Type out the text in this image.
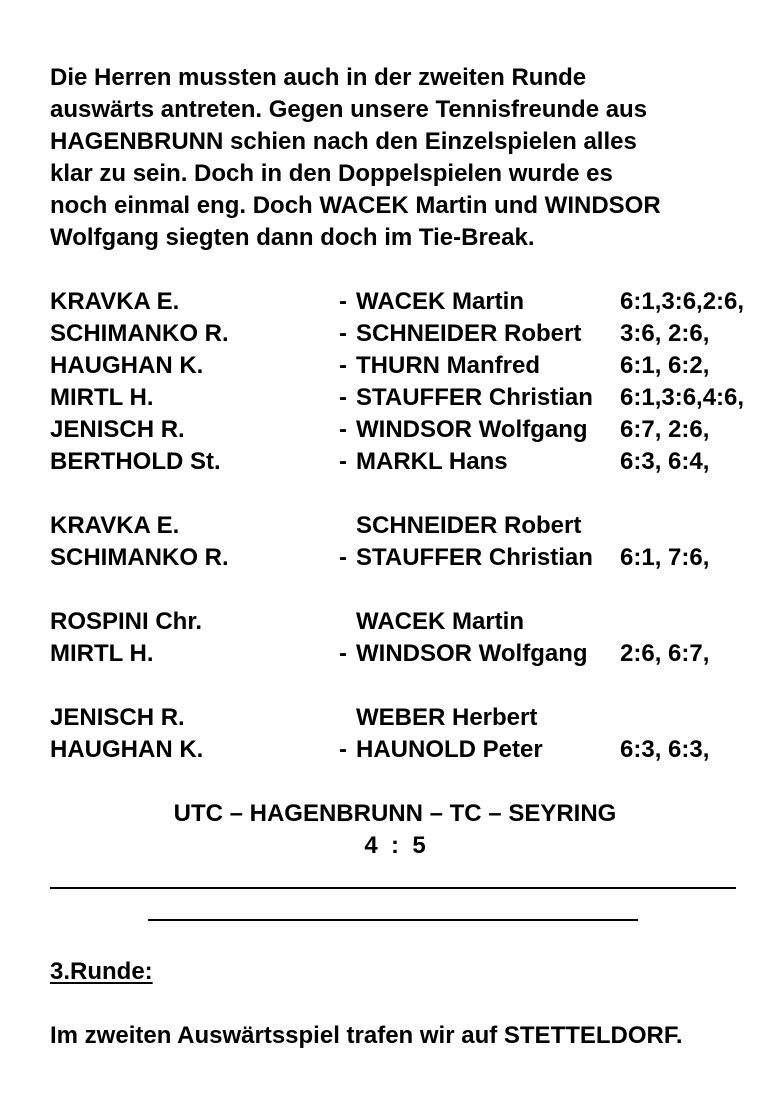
Die Herren mussten auch in der zweiten Runde
auswärts antreten. Gegen unsere Tennisfreunde aus
HAGENBRUNN schien nach den Einzelspielen alles
klar zu sein. Doch in den Doppelspielen wurde es
noch einmal eng. Doch WACEK Martin und WINDSOR
Wolfgang siegten dann doch im Tie-Break.
KRAVKA E.	- WACEK Martin	6:1,3:6,2:6,
SCHIMANKO R.	- SCHNEIDER Robert 3:6, 2:6,
HAUGHAN K.	- THURN Manfred	6:1, 6:2,
MIRTL H.	- STAUFFER Christian 6:1,3:6,4:6,
JENISCH R.	- WINDSOR Wolfgang 6:7, 2:6,
BERTHOLD St.	- MARKL Hans	6:3, 6:4,
KRAVKA E.	SCHNEIDER Robert
SCHIMANKO R.	- STAUFFER Christian 6:1, 7:6,
ROSPINI Chr.	WACEK Martin
MIRTL H.	- WINDSOR Wolfgang 2:6, 6:7,
JENISCH R.	WEBER Herbert
HAUGHAN K.	- HAUNOLD Peter	6:3, 6:3,
UTC – HAGENBRUNN – TC – SEYRING
4  :  5
3.Runde:
Im zweiten Auswärtsspiel trafen wir auf STETTELDORF.
